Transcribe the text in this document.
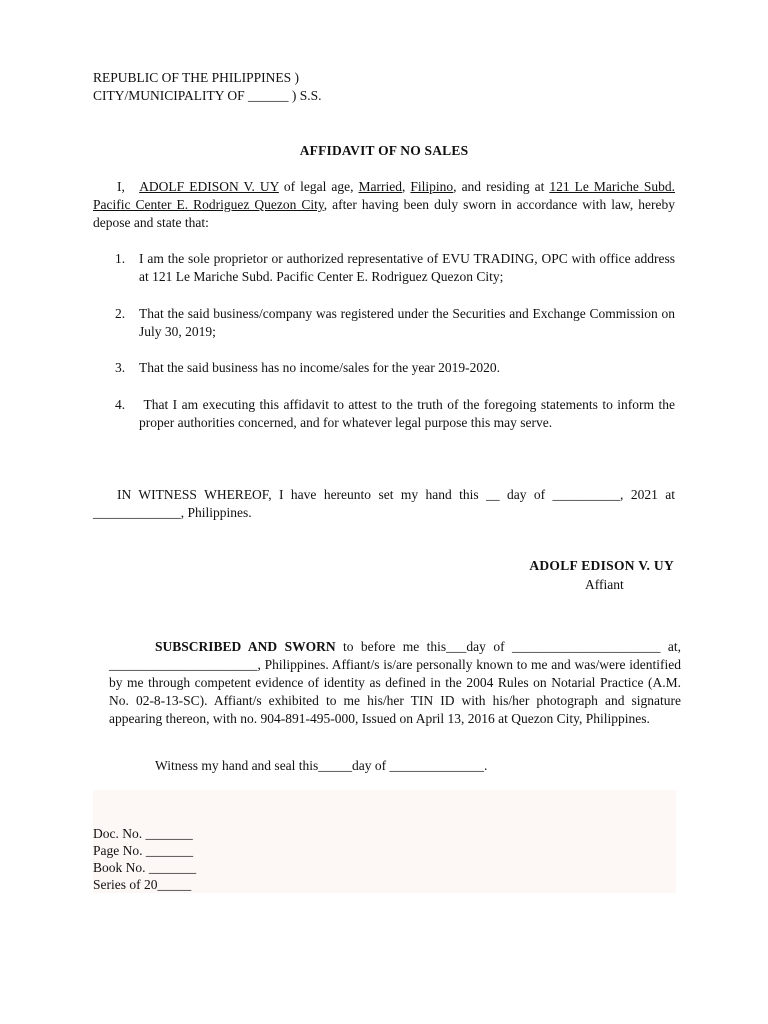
REPUBLIC OF THE PHILIPPINES )
CITY/MUNICIPALITY OF ______ ) S.S.
AFFIDAVIT OF NO SALES
I, ADOLF EDISON V. UY of legal age, Married, Filipino, and residing at 121 Le Mariche Subd. Pacific Center E. Rodriguez Quezon City, after having been duly sworn in accordance with law, hereby depose and state that:
1. I am the sole proprietor or authorized representative of EVU TRADING, OPC with office address at 121 Le Mariche Subd. Pacific Center E. Rodriguez Quezon City;
2. That the said business/company was registered under the Securities and Exchange Commission on July 30, 2019;
3. That the said business has no income/sales for the year 2019-2020.
4. That I am executing this affidavit to attest to the truth of the foregoing statements to inform the proper authorities concerned, and for whatever legal purpose this may serve.
IN WITNESS WHEREOF, I have hereunto set my hand this __ day of __________, 2021 at _____________, Philippines.
ADOLF EDISON V. UY
Affiant
SUBSCRIBED AND SWORN to before me this___day of ______________________ at, ______________________, Philippines. Affiant/s is/are personally known to me and was/were identified by me through competent evidence of identity as defined in the 2004 Rules on Notarial Practice (A.M. No. 02-8-13-SC). Affiant/s exhibited to me his/her TIN ID with his/her photograph and signature appearing thereon, with no. 904-891-495-000, Issued on April 13, 2016 at Quezon City, Philippines.
Witness my hand and seal this_____day of ______________.
Doc. No. _______
Page No. _______
Book No. _______
Series of 20_____
